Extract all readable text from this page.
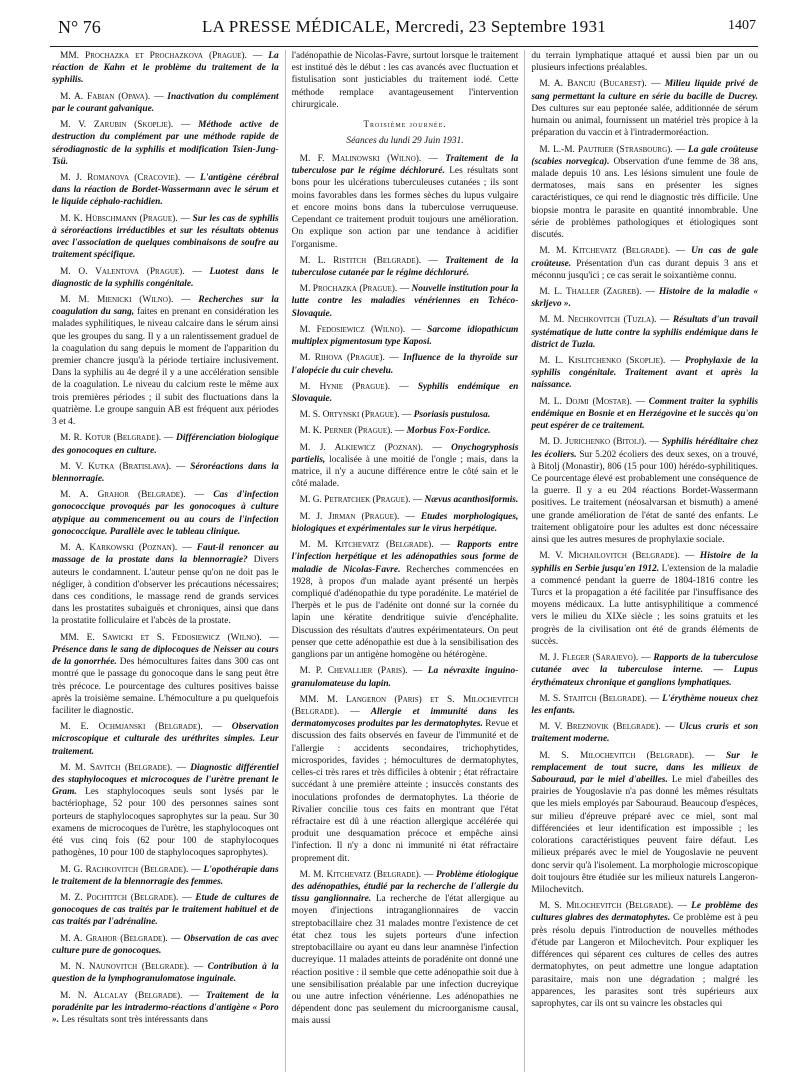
N° 76	LA PRESSE MÉDICALE, Mercredi, 23 Septembre 1931	1407

MM. Prochazka et Prochazkova (Prague). — La réaction de Kahn et le problème du traitement de la syphilis.

M. A. Fabian (Opava). — Inactivation du complément par le courant galvanique.

M. V. Zarubin (Skoplje). — Méthode active de destruction du complément par une méthode rapide de sérodiagnostic de la syphilis et modification Tsien-Jung-Tsü.

M. J. Romanova (Cracovie). — L'antigène cérébral dans la réaction de Bordet-Wassermann avec le sérum et le liquide céphalo-rachidien.

M. K. Hübschmann (Prague). — Sur les cas de syphilis à séroréactions irréductibles et sur les résultats obtenus avec l'association de quelques combinaisons de soufre au traitement spécifique.

M. O. Valentova (Prague). — Luotest dans le diagnostic de la syphilis congénitale.

M. M. Mienicki (Wilno). — Recherches sur la coagulation du sang, faites en prenant en considération les malades syphilitiques, le niveau calcaire dans le sérum ainsi que les groupes du sang. Il y a un ralentissement graduel de la coagulation du sang depuis le moment de l'apparition du premier chancre jusqu'à la période tertiaire inclusivement. Dans la syphilis au 4e degré il y a une accélération sensible de la coagulation. Le niveau du calcium reste le même aux trois premières périodes ; il subit des fluctuations dans la quatrième. Le groupe sanguin AB est fréquent aux périodes 3 et 4.

M. R. Kotur (Belgrade). — Différenciation biologique des gonocoques en culture.

M. V. Kutka (Bratislava). — Séroréactions dans la blennorragie.

M. A. Grahor (Belgrade). — Cas d'infection gonococcique provoqués par les gonocoques à culture atypique au commencement ou au cours de l'infection gonococcique. Parallèle avec le tableau clinique.

M. A. Karkowski (Poznan). — Faut-il renoncer au massage de la prostate dans la blennorragie? Divers auteurs le condamnent. L'auteur pense qu'on ne doit pas le négliger, à condition d'observer les précautions nécessaires; dans ces conditions, le massage rend de grands services dans les prostatites subaiguës et chroniques, ainsi que dans la prostatite folliculaire et l'abcès de la prostate.

MM. E. Sawicki et S. Fedosiewicz (Wilno). — Présence dans le sang de diplocoques de Neisser au cours de la gonorrhée. Des hémocultures faites dans 300 cas ont montré que le passage du gonocoque dans le sang peut être très précoce. Le pourcentage des cultures positives baisse après la troisième semaine. L'hémoculture a pu quelquefois faciliter le diagnostic.

M. E. Ochmjanski (Belgrade). — Observation microscopique et culturale des uréthrites simples. Leur traitement.

M. M. Savitch (Belgrade). — Diagnostic différentiel des staphylocoques et microcoques de l'urètre prenant le Gram. Les staphylocoques seuls sont lysés par le bactériophage, 52 pour 100 des personnes saines sont porteurs de staphylocoques saprophytes sur la peau. Sur 30 examens de microcoques de l'urètre, les staphylocoques ont été vus cinq fois (62 pour 100 de staphylocoques pathogènes, 10 pour 100 de staphylocoques saprophytes).

M. G. Rachkovitch (Belgrade). — L'opothérapie dans le traitement de la blennorragie des femmes.

M. Z. Pochtitch (Belgrade). — Etude de cultures de gonocoques de cas traités par le traitement habituel et de cas traités par l'adrénaline.

M. A. Grahor (Belgrade). — Observation de cas avec culture pure de gonocoques.

M. N. Naunovitch (Belgrade). — Contribution à la question de la lymphogranulomatose inguinale.

M. N. Alcalay (Belgrade). — Traitement de la poradénite par les intradermo-réactions d'antigène « Poro ». Les résultats sont très intéressants dans

l'adénopathie de Nicolas-Favre, surtout lorsque le traitement est institué dès le début : les cas avancés avec fluctuation et fistulisation sont justiciables du traitement iodé. Cette méthode remplace avantageusement l'intervention chirurgicale.

Troisième journée.

Séances du lundi 29 Juin 1931.

M. F. Malinowski (Wilno). — Traitement de la tuberculose par le régime déchloruré. Les résultats sont bons pour les ulcérations tuberculeuses cutanées ; ils sont moins favorables dans les formes sèches du lupus vulgaire et encore moins bons dans la tuberculose verruqueuse. Cependant ce traitement produit toujours une amélioration. On explique son action par une tendance à acidifier l'organisme.

M. L. Ristitch (Belgrade). — Traitement de la tuberculose cutanée par le régime déchloruré.

M. Prochazka (Prague). — Nouvelle institution pour la lutte contre les maladies vénériennes en Tchéco-Slovaquie.

M. Fedosiewicz (Wilno). — Sarcome idiopathicum multiplex pigmentosum type Kaposi.

M. Rihova (Prague). — Influence de la thyroïde sur l'alopécie du cuir chevelu.

M. Hynie (Prague). — Syphilis endémique en Slovaquie.

M. S. Ortynski (Prague). — Psoriasis pustulosa.

M. K. Perner (Prague). — Morbus Fox-Fordice.

M. J. Alkiewicz (Poznan). — Onychogryphosis partielis, localisée à une moitié de l'ongle ; mais, dans la matrice, il n'y a aucune différence entre le côté sain et le côté malade.

M. G. Petratchek (Prague). — Nævus acanthosiformis.

M. J. Jirman (Prague). — Etudes morphologiques, biologiques et expérimentales sur le virus herpétique.

M. M. Kitchevatz (Belgrade). — Rapports entre l'infection herpétique et les adénopathies sous forme de maladie de Nicolas-Favre. Recherches commencées en 1928, à propos d'un malade ayant présenté un herpès compliqué d'adénopathie du type poradénite. Le matériel de l'herpès et le pus de l'adénite ont donné sur la cornée du lapin une kératite dendritique suivie d'encéphalite. Discussion des résultats d'autres expérimentateurs. On peut penser que cette adénopathie est due à la sensibilisation des ganglions par un antigène homogène ou hétérogène.

M. P. Chevallier (Paris). — La névraxite inguino-granulomateuse du lapin.

MM. M. Langeron (Paris) et S. Milochevitch (Belgrade). — Allergie et immunité dans les dermatomycoses produites par les dermatophytes. Revue et discussion des faits observés en faveur de l'immunité et de l'allergie : accidents secondaires, trichophytides, microsporides, favides ; hémocultures de dermatophytes, celles-ci très rares et très difficiles à obtenir ; état réfractaire succédant à une première atteinte ; insuccès constants des inoculations profondes de dermatophytes. La théorie de Rivalier concilie tous ces faits en montrant que l'état réfractaire est dû à une réaction allergique accélérée qui produit une desquamation précoce et empêche ainsi l'infection. Il n'y a donc ni immunité ni état réfractaire proprement dit.

M. M. Kitchevatz (Belgrade). — Problème étiologique des adénopathies, étudié par la recherche de l'allergie du tissu ganglionnaire. La recherche de l'état allergique au moyen d'injections intraganglionnaires de vaccin streptobacillaire chez 31 malades montre l'existence de cet état chez tous les sujets porteurs d'une infection streptobacillaire ou ayant eu dans leur anamnèse l'infection ducreyique. 11 malades atteints de poradénite ont donné une réaction positive : il semble que cette adénopathie soit due à une sensibilisation préalable par une infection ducreyique ou une autre infection vénérienne. Les adénopathies ne dépendent donc pas seulement du microorganisme causal, mais aussi

du terrain lymphatique attaqué et aussi bien par un ou plusieurs infections préalables.

M. A. Banciu (Bucarest). — Milieu liquide privé de sang permettant la culture en série du bacille de Ducrey. Des cultures sur eau peptonée salée, additionnée de sérum humain ou animal, fournissent un matériel très propice à la préparation du vaccin et à l'intradermoréaction.

M. L.-M. Pautrier (Strasbourg). — La gale croûteuse (scabies norvegica). Observation d'une femme de 38 ans, malade depuis 10 ans. Les lésions simulent une foule de dermatoses, mais sans en présenter les signes caractéristiques, ce qui rend le diagnostic très difficile. Une biopsie montra le parasite en quantité innombrable. Une série de problèmes pathologiques et étiologiques sont discutés.

M. M. Kitchevatz (Belgrade). — Un cas de gale croûteuse. Présentation d'un cas durant depuis 3 ans et méconnu jusqu'ici ; ce cas serait le soixantième connu.

M. L. Thaller (Zagreb). — Histoire de la maladie « skrljevo ».

M. M. Nechkovitch (Tuzla). — Résultats d'un travail systématique de lutte contre la syphilis endémique dans le district de Tuzla.

M. L. Kislitchenko (Skoplje). — Prophylaxie de la syphilis congénitale. Traitement avant et après la naissance.

M. L. Dojmi (Mostar). — Comment traiter la syphilis endémique en Bosnie et en Herzégovine et le succès qu'on peut espérer de ce traitement.

M. D. Jurichenko (Bitolj). — Syphilis héréditaire chez les écoliers. Sur 5.202 écoliers des deux sexes, on a trouvé, à Bitolj (Monastir), 806 (15 pour 100) hérédo-syphilitiques. Ce pourcentage élevé est probablement une conséquence de la guerre. Il y a eu 204 réactions Bordet-Wassermann positives. Le traitement (néosalvarsan et bismuth) a amené une grande amélioration de l'état de santé des enfants. Le traitement obligatoire pour les adultes est donc nécessaire ainsi que les autres mesures de prophylaxie sociale.

M. V. Michailovitch (Belgrade). — Histoire de la syphilis en Serbie jusqu'en 1912. L'extension de la maladie a commencé pendant la guerre de 1804-1816 contre les Turcs et la propagation a été facilitée par l'insuffisance des moyens médicaux. La lutte antisyphilitique a commencé vers le milieu du XIXe siècle ; les soins gratuits et les progrès de la civilisation ont été de grands éléments de succès.

M. J. Fleger (Sarajevo). — Rapports de la tuberculose cutanée avec la tuberculose interne. — Lupus érythémateux chronique et ganglions lymphatiques.

M. S. Stajitch (Belgrade). — L'érythème noueux chez les enfants.

M. V. Breznovik (Belgrade). — Ulcus cruris et son traitement moderne.

M. S. Milochevitch (Belgrade). — Sur le remplacement de tout sucre, dans les milieux de Sabouraud, par le miel d'abeilles. Le miel d'abeilles des prairies de Yougoslavie n'a pas donné les mêmes résultats que les miels employés par Sabouraud. Beaucoup d'espèces, sur milieu d'épreuve préparé avec ce miel, sont mal différenciées et leur identification est impossible ; les colorations caractéristiques peuvent faire défaut. Les milieux préparés avec le miel de Yougoslavie ne peuvent donc servir qu'à l'isolement. La morphologie microscopique doit toujours être étudiée sur les milieux naturels Langeron-Milochevitch.

M. S. Milochevitch (Belgrade). — Le problème des cultures glabres des dermatophytes. Ce problème est à peu près résolu depuis l'introduction de nouvelles méthodes d'étude par Langeron et Milochevitch. Pour expliquer les différences qui séparent ces cultures de celles des autres dermatophytes, on peut admettre une longue adaptation parasitaire, mais non une dégradation ; malgré les apparences, les parasites sont très supérieurs aux saprophytes, car ils ont su vaincre les obstacles qui
